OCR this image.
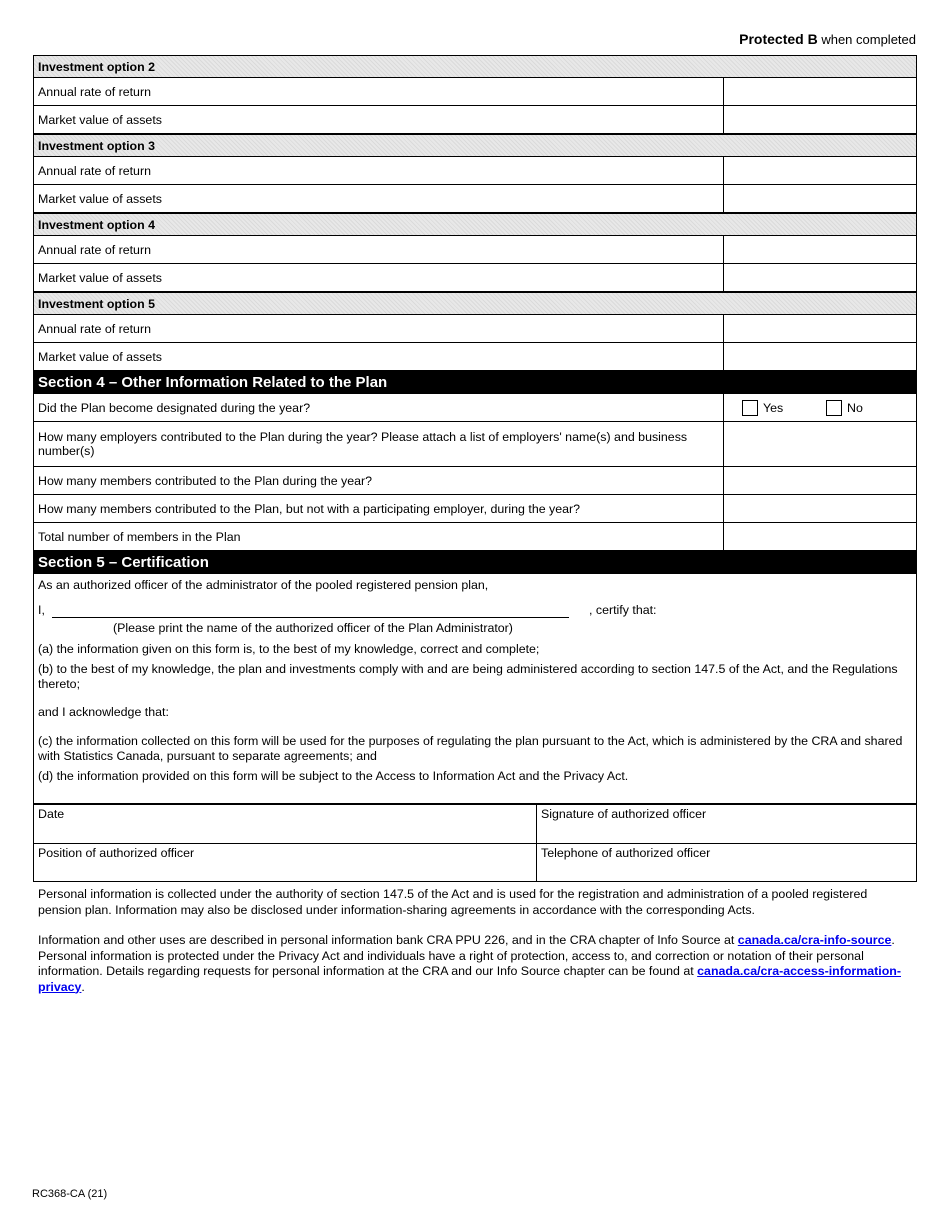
Protected B when completed
Investment option 2
Annual rate of return
Market value of assets
Investment option 3
Annual rate of return
Market value of assets
Investment option 4
Annual rate of return
Market value of assets
Investment option 5
Annual rate of return
Market value of assets
Section 4 – Other Information Related to the Plan
Did the Plan become designated during the year?	Yes	No
How many employers contributed to the Plan during the year? Please attach a list of employers' name(s) and business number(s)
How many members contributed to the Plan during the year?
How many members contributed to the Plan, but not with a participating employer, during the year?
Total number of members in the Plan
Section 5 – Certification

As an authorized officer of the administrator of the pooled registered pension plan,

I,	, certify that:

(Please print the name of the authorized officer of the Plan Administrator)

(a) the information given on this form is, to the best of my knowledge, correct and complete;

(b) to the best of my knowledge, the plan and investments comply with and are being administered according to section 147.5 of the Act, and the Regulations thereto;

and I acknowledge that:

(c) the information collected on this form will be used for the purposes of regulating the plan pursuant to the Act, which is administered by the CRA and shared with Statistics Canada, pursuant to separate agreements; and

(d) the information provided on this form will be subject to the Access to Information Act and the Privacy Act.

Date	Signature of authorized officer
Position of authorized officer	Telephone of authorized officer

Personal information is collected under the authority of section 147.5 of the Act and is used for the registration and administration of a pooled registered pension plan. Information may also be disclosed under information-sharing agreements in accordance with the corresponding Acts.

Information and other uses are described in personal information bank CRA PPU 226, and in the CRA chapter of Info Source at canada.ca/cra-info-source. Personal information is protected under the Privacy Act and individuals have a right of protection, access to, and correction or notation of their personal information. Details regarding requests for personal information at the CRA and our Info Source chapter can be found at canada.ca/cra-access-information-privacy.

RC368-CA (21)
